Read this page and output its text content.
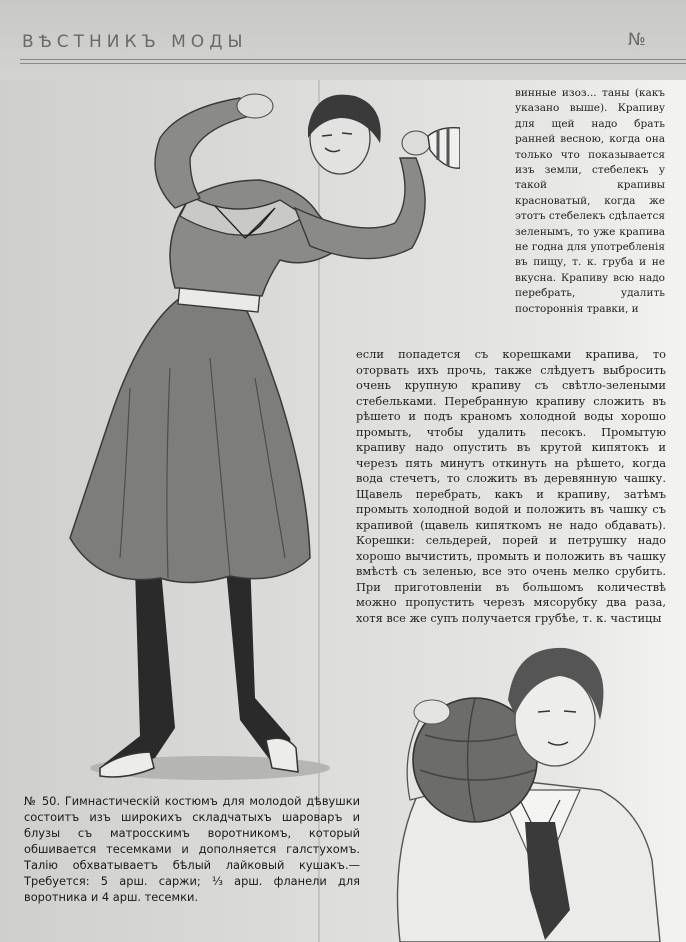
ВѢСТНИКЪ МОДЫ	№

винные изоз... таны (какъ указано выше). Крапиву для щей надо брать ранней весною, когда она только что показывается изъ земли, стебелекъ у такой крапивы красноватый, когда же этотъ стебелекъ сдѣлается зеленымъ, то уже крапива не годна для употребленія въ пищу, т. к. груба и не вкусна. Крапиву всю надо перебрать, удалить постороннія травки, и

если попадется съ корешками крапива, то оторвать ихъ прочь, также слѣдуетъ выбросить очень крупную крапиву съ свѣтло-зелеными стебельками. Перебранную крапиву сложить въ рѣшето и подъ краномъ холодной воды хорошо промыть, чтобы удалить песокъ. Промытую крапиву надо опустить въ крутой кипятокъ и черезъ пять минутъ откинуть на рѣшето, когда вода стечетъ, то сложить въ деревянную чашку. Щавель перебрать, какъ и крапиву, затѣмъ промыть холодной водой и положить въ чашку съ крапивой (щавель кипяткомъ не надо обдавать). Корешки: сельдерей, порей и петрушку надо хорошо вычистить, промыть и положить въ чашку вмѣстѣ съ зеленью, все это очень мелко срубить. При приготовленіи въ большомъ количествѣ можно пропустить черезъ мясорубку два раза, хотя все же супъ получается грубѣе, т. к. частицы

№ 50. Гимнастическій костюмъ для молодой дѣвушки состоитъ изъ широкихъ складчатыхъ шароваръ и блузы съ матросскимъ воротникомъ, который обшивается тесемками и дополняется галстухомъ. Талію обхватываетъ бѣлый лайковый кушакъ.—Требуется: 5 арш. саржи; ⅓ арш. фланели для воротника и 4 арш. тесемки.
